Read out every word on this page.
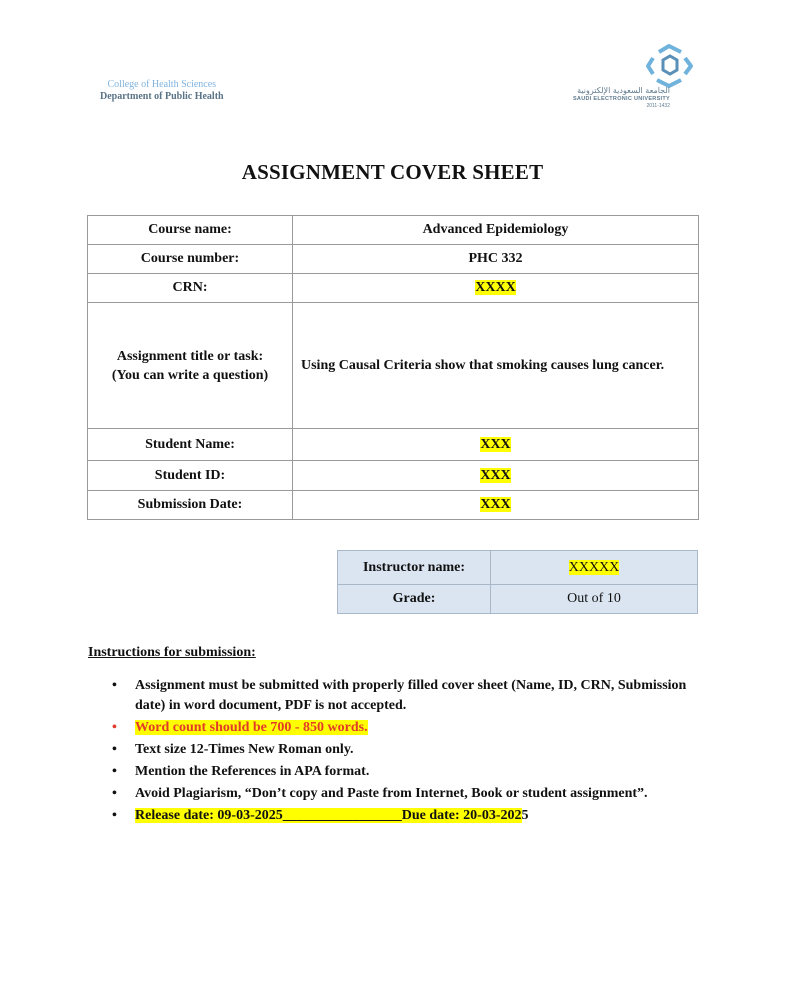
College of Health Sciences
Department of Public Health
الجامعة السعودية الإلكترونية
SAUDI ELECTRONIC UNIVERSITY
2011-1432
ASSIGNMENT COVER SHEET
Course name:	Advanced Epidemiology
Course number:	PHC 332
CRN:	XXXX

Assignment title or task:
(You can write a question)	Using Causal Criteria show that smoking causes lung cancer.
Student Name:	XXX
Student ID:	XXX
Submission Date:	XXX
Instructor name:	XXXXX
Grade:	Out of 10
Instructions for submission:
• Assignment must be submitted with properly filled cover sheet (Name, ID, CRN, Submission date) in word document, PDF is not accepted.
• Word count should be 700 - 850 words.
• Text size 12-Times New Roman only.
• Mention the References in APA format.
• Avoid Plagiarism, “Don’t copy and Paste from Internet, Book or student assignment”.
• Release date: 09-03-2025_________________Due date: 20-03-2025
